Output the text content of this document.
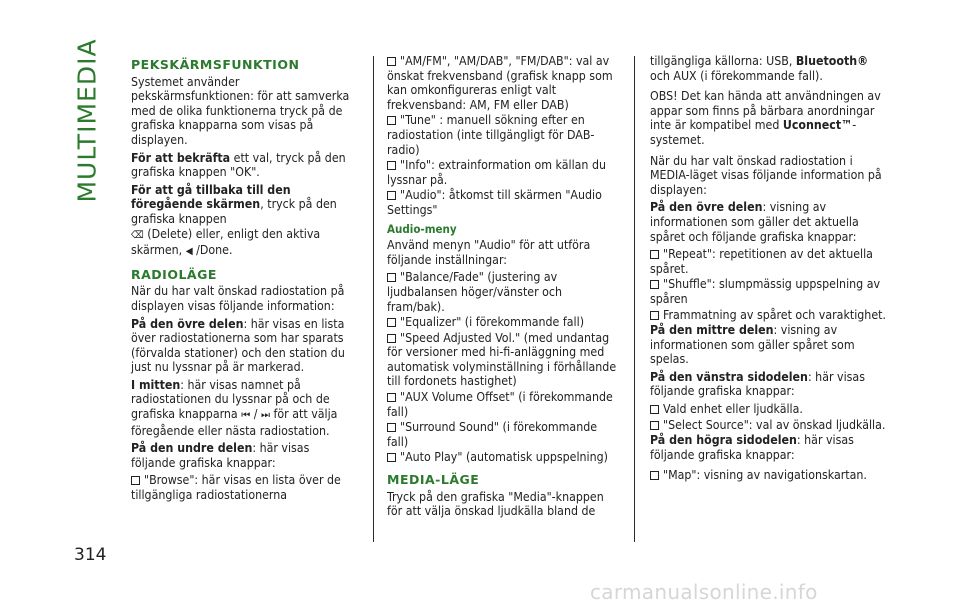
MULTIMEDIA PEKSKÄRMSFUNKTION

Systemet använder pekskärmsfunktionen: för att samverka med de olika funktionerna tryck på de grafiska knapparna som visas på displayen.

För att bekräfta ett val, tryck på den grafiska knappen "OK".

För att gå tillbaka till den föregående skärmen, tryck på den grafiska knappen
⌫ (Delete) eller, enligt den aktiva skärmen, ◀ /Done.

RADIOLÄGE

När du har valt önskad radiostation på displayen visas följande information:

På den övre delen: här visas en lista över radiostationerna som har sparats (förvalda stationer) och den station du just nu lyssnar på är markerad.

I mitten: här visas namnet på radiostationen du lyssnar på och de grafiska knapparna ⏮ / ⏭ för att välja föregående eller nästa radiostation.

På den undre delen: här visas följande grafiska knappar:

"Browse": här visas en lista över de tillgängliga radiostationerna

"AM/FM", "AM/DAB", "FM/DAB": val av önskat frekvensband (grafisk knapp som kan omkonfigureras enligt valt frekvensband: AM, FM eller DAB)

"Tune" : manuell sökning efter en radiostation (inte tillgängligt för DAB-radio)

"Info": extrainformation om källan du lyssnar på.

"Audio": åtkomst till skärmen "Audio Settings"

Audio-meny

Använd menyn "Audio" för att utföra följande inställningar:

"Balance/Fade" (justering av ljudbalansen höger/vänster och fram/bak).

"Equalizer" (i förekommande fall)

"Speed Adjusted Vol." (med undantag för versioner med hi-fi-anläggning med automatisk volyminställning i förhållande till fordonets hastighet)

"AUX Volume Offset" (i förekommande fall)

"Surround Sound" (i förekommande fall)

"Auto Play" (automatisk uppspelning)

MEDIA-LÄGE

Tryck på den grafiska "Media"-knappen för att välja önskad ljudkälla bland de

tillgängliga källorna: USB, Bluetooth® och AUX (i förekommande fall).

OBS! Det kan hända att användningen av appar som finns på bärbara anordningar inte är kompatibel med Uconnect™-systemet.

När du har valt önskad radiostation i MEDIA-läget visas följande information på displayen:

På den övre delen: visning av informationen som gäller det aktuella spåret och följande grafiska knappar:

"Repeat": repetitionen av det aktuella spåret.

"Shuffle": slumpmässig uppspelning av spåren

Frammatning av spåret och varaktighet.

På den mittre delen: visning av informationen som gäller spåret som spelas.

På den vänstra sidodelen: här visas följande grafiska knappar:

Vald enhet eller ljudkälla.

"Select Source": val av önskad ljudkälla.

På den högra sidodelen: här visas följande grafiska knappar:

"Map": visning av navigationskartan.

314
carmanualsonline.info
